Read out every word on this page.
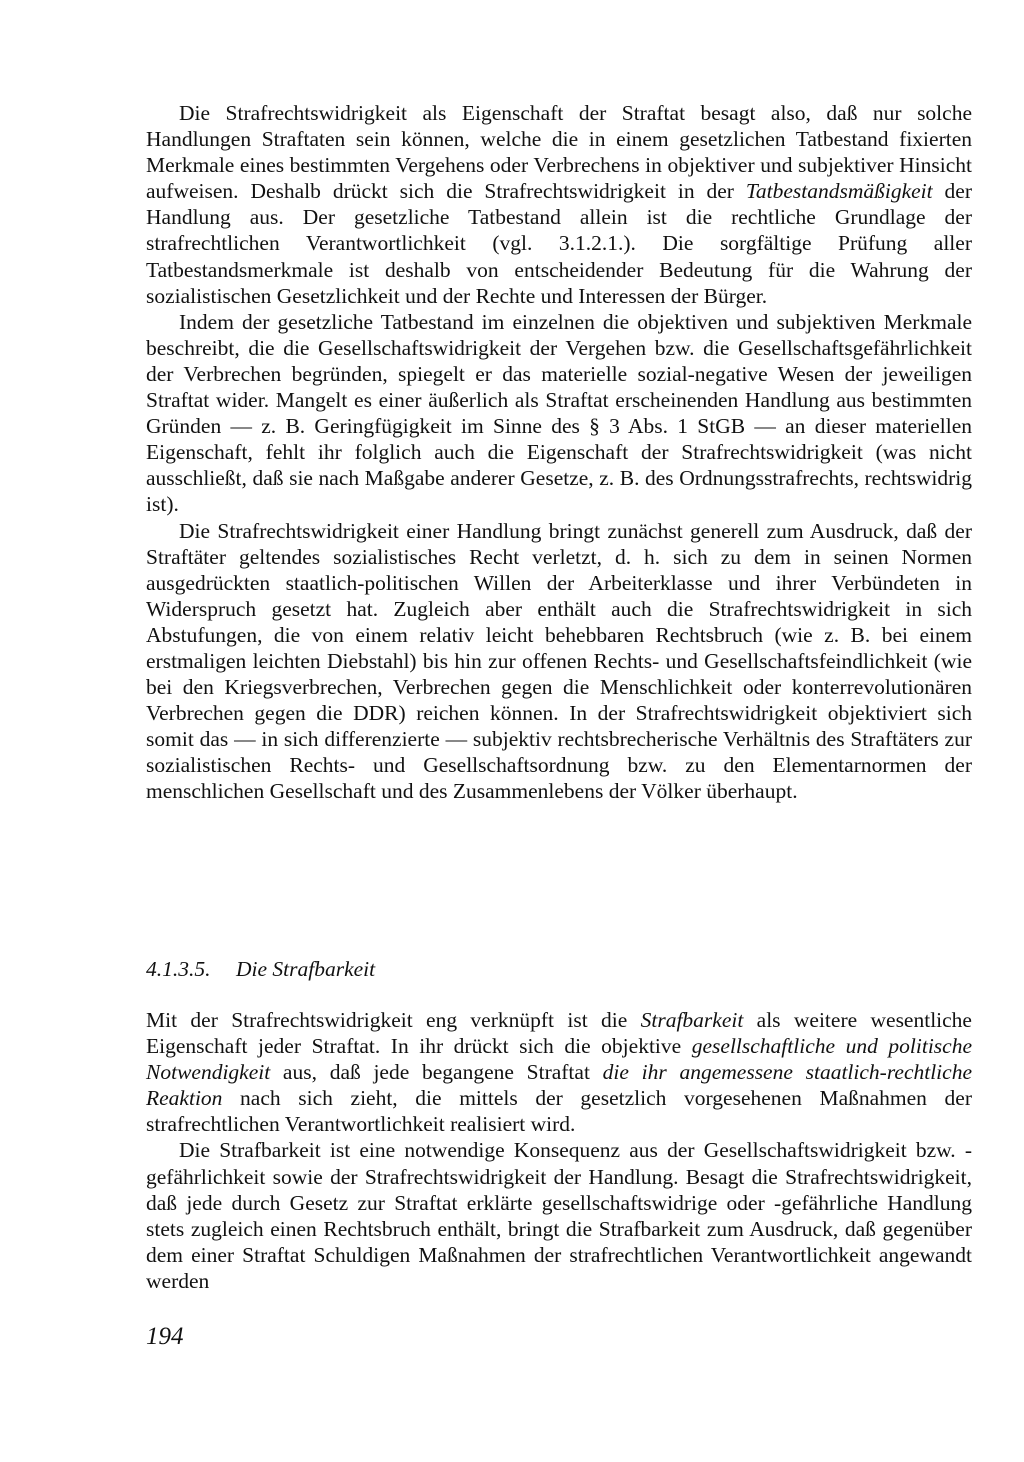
Die Strafrechtswidrigkeit als Eigenschaft der Straftat besagt also, daß nur solche Handlungen Straftaten sein können, welche die in einem gesetzlichen Tatbestand fixierten Merkmale eines bestimmten Vergehens oder Verbrechens in objektiver und subjektiver Hinsicht aufweisen. Deshalb drückt sich die Strafrechtswidrigkeit in der Tatbestandsmäßigkeit der Handlung aus. Der gesetzliche Tatbestand allein ist die rechtliche Grundlage der strafrechtlichen Verantwortlichkeit (vgl. 3.1.2.1.). Die sorgfältige Prüfung aller Tatbestandsmerkmale ist deshalb von entscheidender Bedeutung für die Wahrung der sozialistischen Gesetzlichkeit und der Rechte und Interessen der Bürger.

Indem der gesetzliche Tatbestand im einzelnen die objektiven und subjektiven Merkmale beschreibt, die die Gesellschaftswidrigkeit der Vergehen bzw. die Gesellschaftsgefährlichkeit der Verbrechen begründen, spiegelt er das materielle sozial-negative Wesen der jeweiligen Straftat wider. Mangelt es einer äußerlich als Straftat erscheinenden Handlung aus bestimmten Gründen — z. B. Geringfügigkeit im Sinne des § 3 Abs. 1 StGB — an dieser materiellen Eigenschaft, fehlt ihr folglich auch die Eigenschaft der Strafrechtswidrigkeit (was nicht ausschließt, daß sie nach Maßgabe anderer Gesetze, z. B. des Ordnungsstrafrechts, rechtswidrig ist).

Die Strafrechtswidrigkeit einer Handlung bringt zunächst generell zum Ausdruck, daß der Straftäter geltendes sozialistisches Recht verletzt, d. h. sich zu dem in seinen Normen ausgedrückten staatlich-politischen Willen der Arbeiterklasse und ihrer Verbündeten in Widerspruch gesetzt hat. Zugleich aber enthält auch die Strafrechtswidrigkeit in sich Abstufungen, die von einem relativ leicht behebbaren Rechtsbruch (wie z. B. bei einem erstmaligen leichten Diebstahl) bis hin zur offenen Rechts- und Gesellschaftsfeindlichkeit (wie bei den Kriegsverbrechen, Verbrechen gegen die Menschlichkeit oder konterrevolutionären Verbrechen gegen die DDR) reichen können. In der Strafrechtswidrigkeit objektiviert sich somit das — in sich differenzierte — subjektiv rechtsbrecherische Verhältnis des Straftäters zur sozialistischen Rechts- und Gesellschaftsordnung bzw. zu den Elementarnormen der menschlichen Gesellschaft und des Zusammenlebens der Völker überhaupt.

4.1.3.5. Die Strafbarkeit

Mit der Strafrechtswidrigkeit eng verknüpft ist die Strafbarkeit als weitere wesentliche Eigenschaft jeder Straftat. In ihr drückt sich die objektive gesellschaftliche und politische Notwendigkeit aus, daß jede begangene Straftat die ihr angemessene staatlich-rechtliche Reaktion nach sich zieht, die mittels der gesetzlich vorgesehenen Maßnahmen der strafrechtlichen Verantwortlichkeit realisiert wird.

Die Strafbarkeit ist eine notwendige Konsequenz aus der Gesellschaftswidrigkeit bzw. -gefährlichkeit sowie der Strafrechtswidrigkeit der Handlung. Besagt die Strafrechtswidrigkeit, daß jede durch Gesetz zur Straftat erklärte gesellschaftswidrige oder -gefährliche Handlung stets zugleich einen Rechtsbruch enthält, bringt die Strafbarkeit zum Ausdruck, daß gegenüber dem einer Straftat Schuldigen Maßnahmen der strafrechtlichen Verantwortlichkeit angewandt werden

194
